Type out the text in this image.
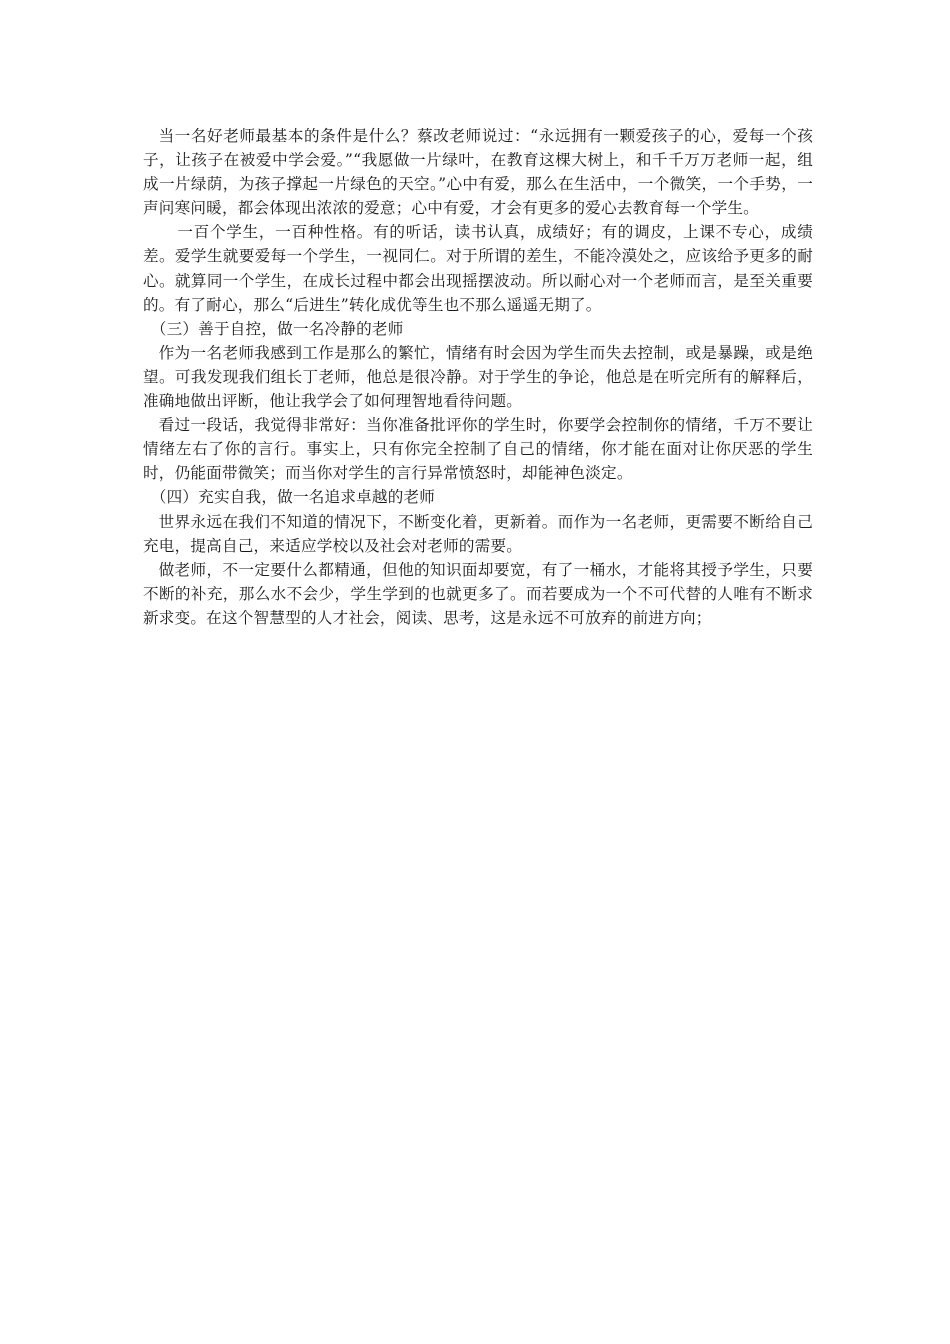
当一名好老师最基本的条件是什么？蔡改老师说过：“永远拥有一颗爱孩子的心，爱每一个孩子，让孩子在被爱中学会爱。”“我愿做一片绿叶，在教育这棵大树上，和千千万万老师一起，组成一片绿荫，为孩子撑起一片绿色的天空。”心中有爱，那么在生活中，一个微笑，一个手势，一声问寒问暖，都会体现出浓浓的爱意；心中有爱，才会有更多的爱心去教育每一个学生。

一百个学生，一百种性格。有的听话，读书认真，成绩好；有的调皮，上课不专心，成绩差。爱学生就要爱每一个学生，一视同仁。对于所谓的差生，不能冷漠处之，应该给予更多的耐心。就算同一个学生，在成长过程中都会出现摇摆波动。所以耐心对一个老师而言，是至关重要的。有了耐心，那么“后进生”转化成优等生也不那么遥遥无期了。

（三）善于自控，做一名冷静的老师

作为一名老师我感到工作是那么的繁忙，情绪有时会因为学生而失去控制，或是暴躁，或是绝望。可我发现我们组长丁老师，他总是很冷静。对于学生的争论，他总是在听完所有的解释后，准确地做出评断，他让我学会了如何理智地看待问题。

看过一段话，我觉得非常好：当你准备批评你的学生时，你要学会控制你的情绪，千万不要让情绪左右了你的言行。事实上，只有你完全控制了自己的情绪，你才能在面对让你厌恶的学生时，仍能面带微笑；而当你对学生的言行异常愤怒时，却能神色淡定。

（四）充实自我，做一名追求卓越的老师

世界永远在我们不知道的情况下，不断变化着，更新着。而作为一名老师，更需要不断给自己充电，提高自己，来适应学校以及社会对老师的需要。

做老师，不一定要什么都精通，但他的知识面却要宽，有了一桶水，才能将其授予学生，只要不断的补充，那么水不会少，学生学到的也就更多了。而若要成为一个不可代替的人唯有不断求新求变。在这个智慧型的人才社会，阅读、思考，这是永远不可放弃的前进方向；
